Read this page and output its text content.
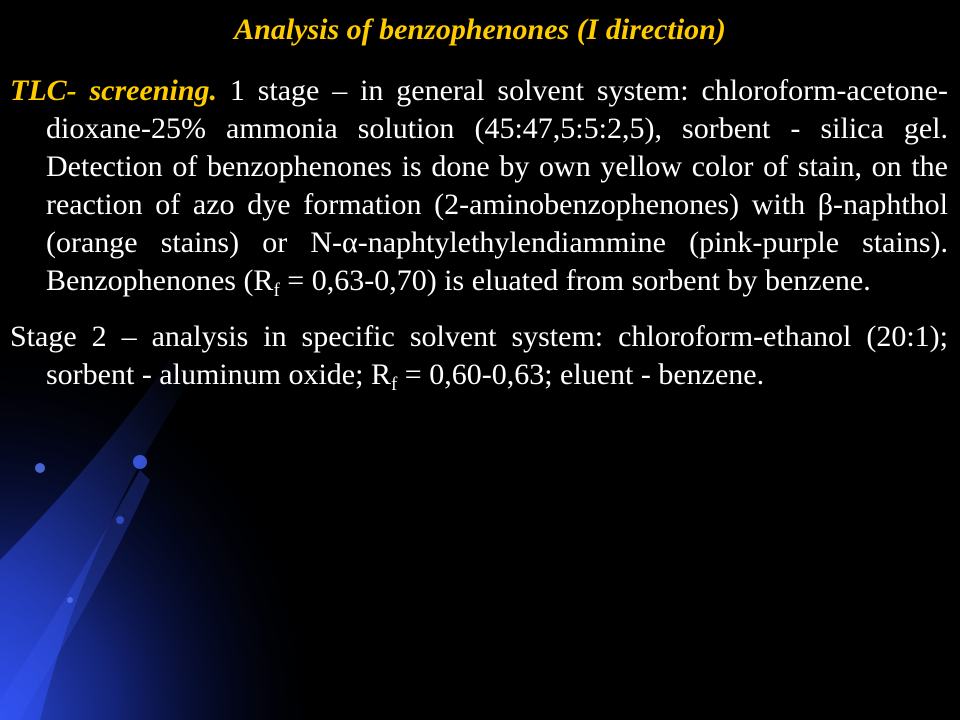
Analysis of benzophenones (I direction)

TLC- screening. 1 stage – in general solvent system: chloroform-acetone-dioxane-25% ammonia solution (45:47,5:5:2,5), sorbent - silica gel. Detection of benzophenones is done by own yellow color of stain, on the reaction of azo dye formation (2-aminobenzophenones) with β-naphthol (orange stains) or N-α-naphtylethylendiammine (pink-purple stains). Benzophenones $(R_f = 0,63-0,70)$ is eluated from sorbent by benzene.

Stage 2 – analysis in specific solvent system: chloroform-ethanol (20:1); sorbent - aluminum oxide; $R_f = 0,60-0,63$; eluent - benzene.
